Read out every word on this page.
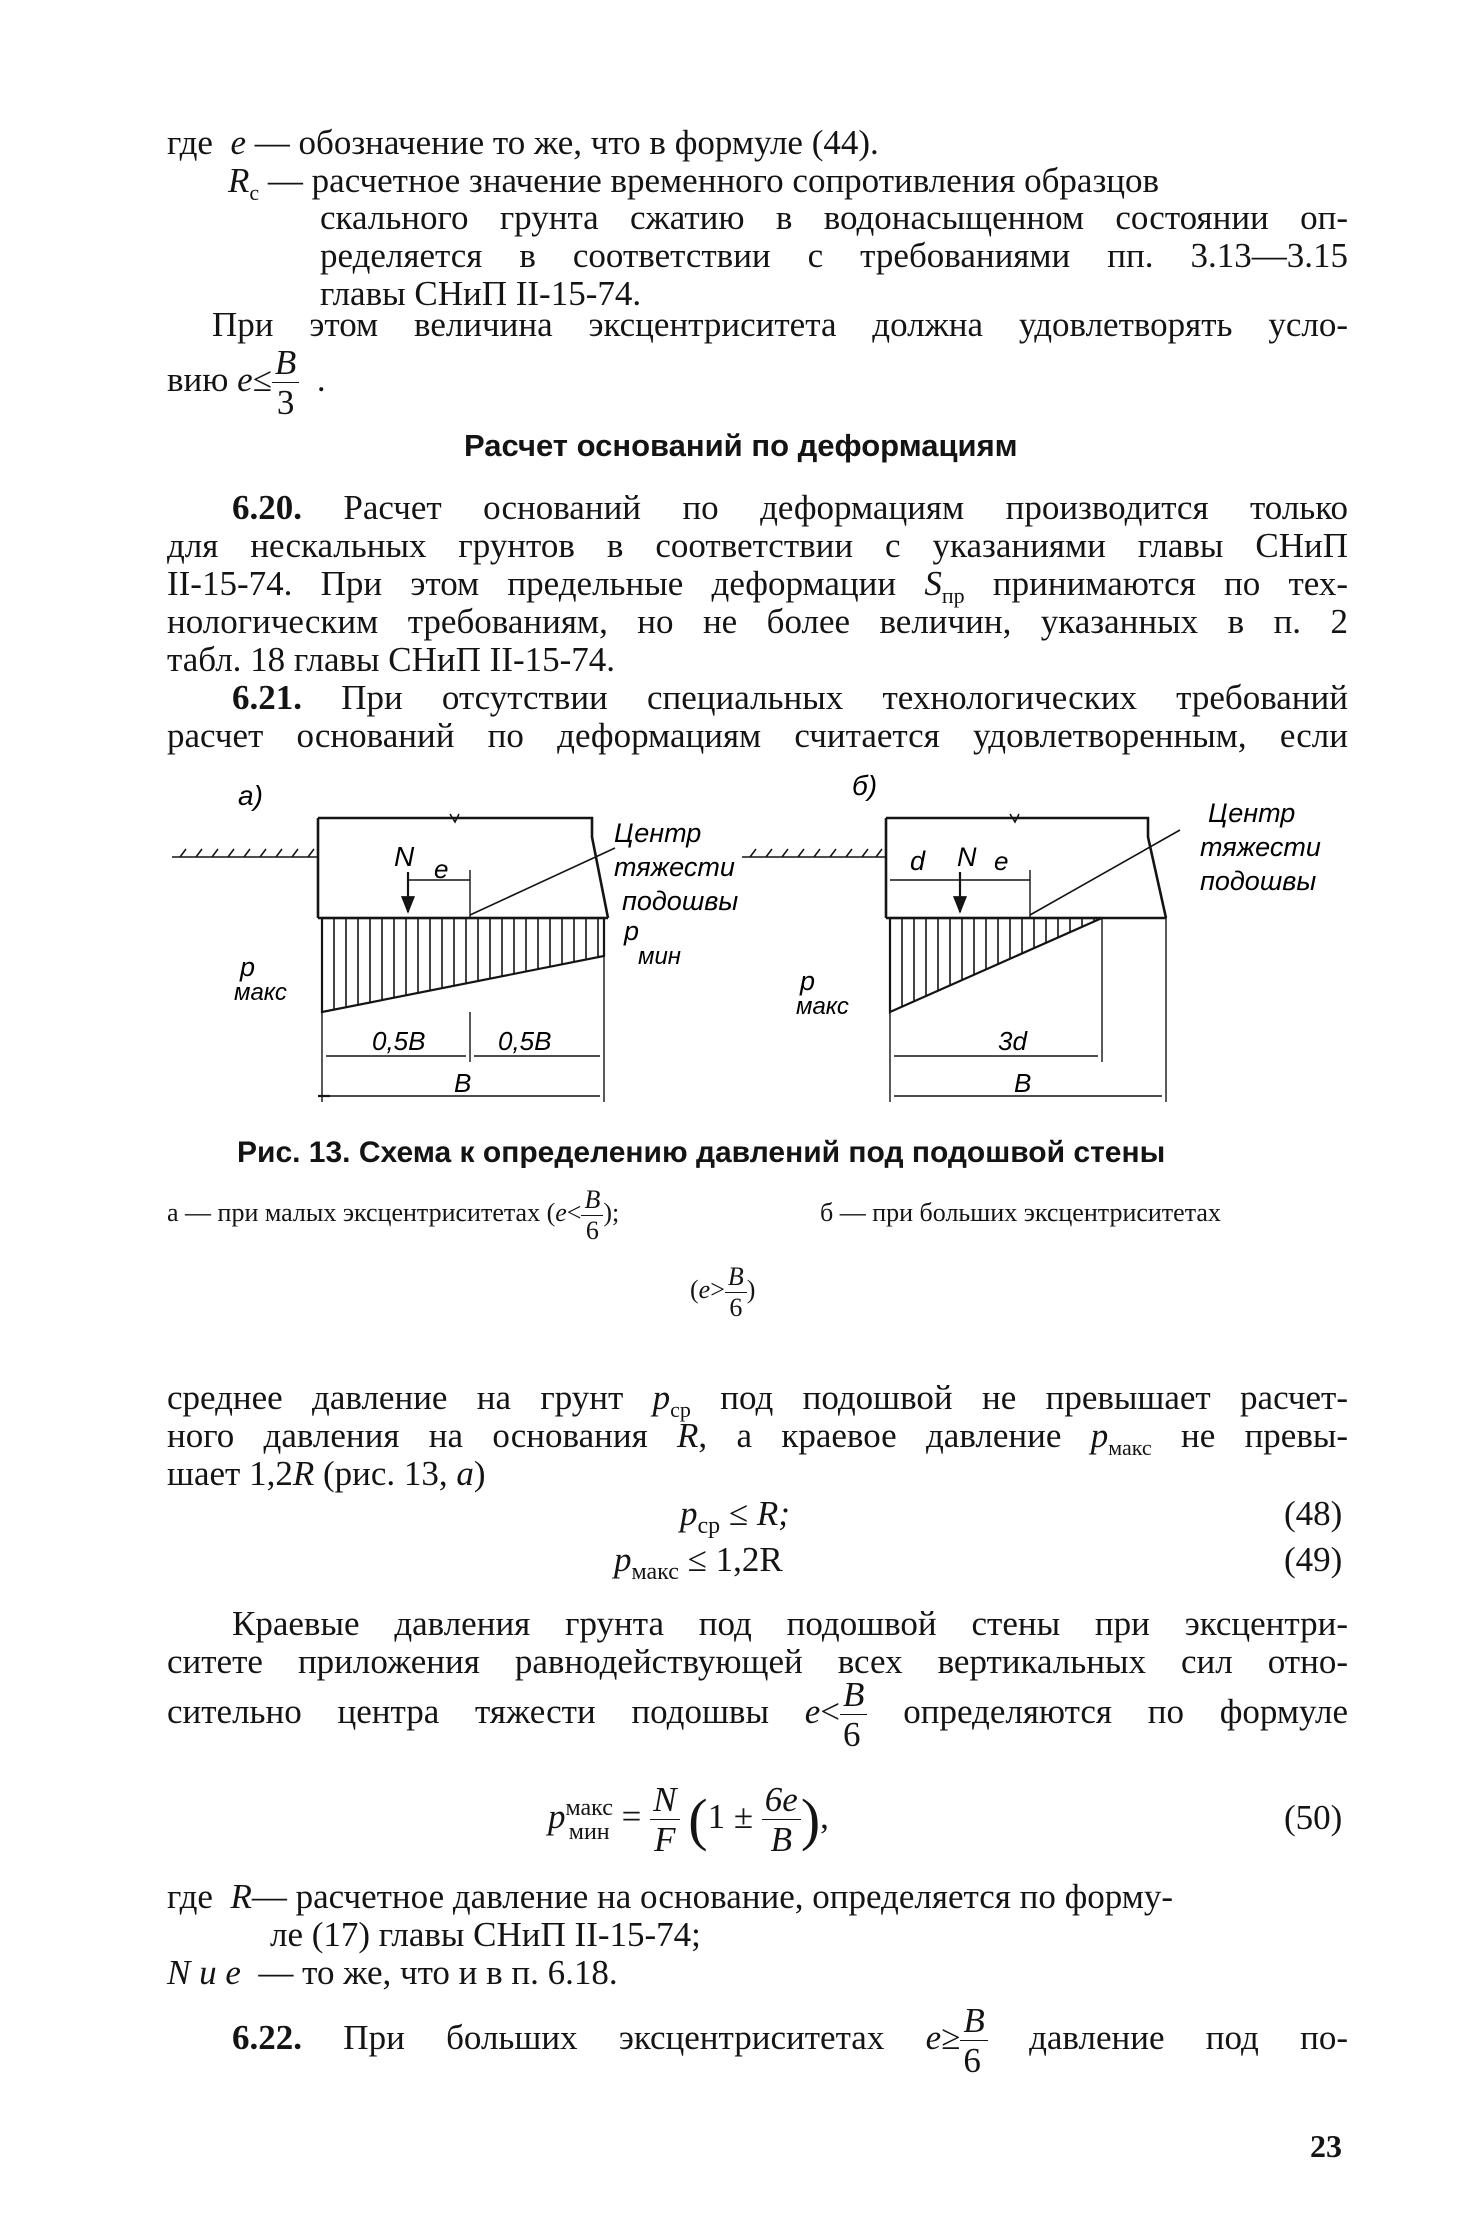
где e — обозначение то же, что в формуле (44).
$R_с$ — расчетное значение временного сопротивления образцов
скального грунта сжатию в водонасыщенном состоянии оп-
ределяется в соответствии с требованиями пп. 3.13—3.15
главы СНиП II-15-74.
При этом величина эксцентриситета должна удовлетворять усло-
вию $e\le \frac{B}{3}$ .
Расчет оснований по деформациям
6.20. Расчет оснований по деформациям производится только
для нескальных грунтов в соответствии с указаниями главы СНиП
II-15-74. При этом предельные деформации $S_{пр}$ принимаются по тех-
нологическим требованиям, но не более величин, указанных в п. 2
табл. 18 главы СНиП II-15-74.
6.21. При отсутствии специальных технологических требований
расчет оснований по деформациям считается удовлетворенным, если
а)
N e
Центр
тяжести
подошвы
p
мин
p
макс
0,5B	0,5B
B
б)
d N e
Центр
тяжести
подошвы
p
макс
3d
B
Рис. 13. Схема к определению давлений под подошвой стены
а — при малых эксцентриситетах ($e< \frac{B}{6}$ );	б — при больших эксцентриситетах
($e> \frac{B}{6}$ )
среднее давление на грунт $p_{ср}$ под подошвой не превышает расчет-
ного давления на основания R, а краевое давление $p_{макс}$ не превы-
шает 1,2R (рис. 13, а)
$p_{ср} \le R$;	(48)
$p_{макс} \le 1,2R$	(49)
Краевые давления грунта под подошвой стены при эксцентри-
ситете приложения равнодействующей всех вертикальных сил отно-
сительно центра тяжести подошвы $e< \frac{B}{6}$ определяются по формуле
p макс
мин = $\frac{N}{F} (1 \pm \frac{6e}{B}$ ),	(50)
где R— расчетное давление на основание, определяется по форму-
ле (17) главы СНиП II-15-74;
N и e — то же, что и в п. 6.18.
6.22. При больших эксцентриситетах $e\ge \frac{B}{6}$ давление под по-
23
